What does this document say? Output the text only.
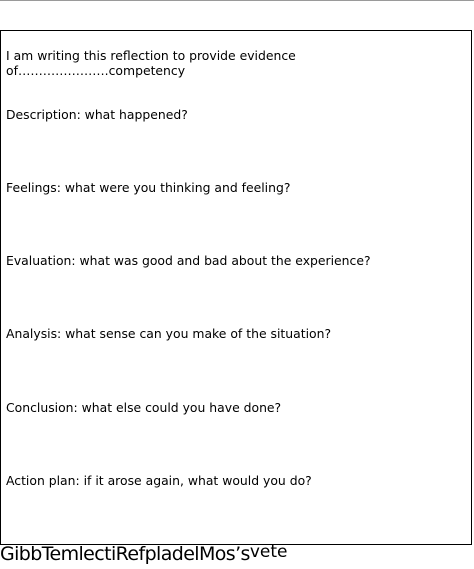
I am writing this reflection to provide evidence
of………………….competency

Description: what happened?

Feelings: what were you thinking and feeling?

Evaluation: what was good and bad about the experience?

Analysis: what sense can you make of the situation?

Conclusion: what else could you have done?

Action plan: if it arose again, what would you do?

GibbTemlectiRefpladelMos’svete
